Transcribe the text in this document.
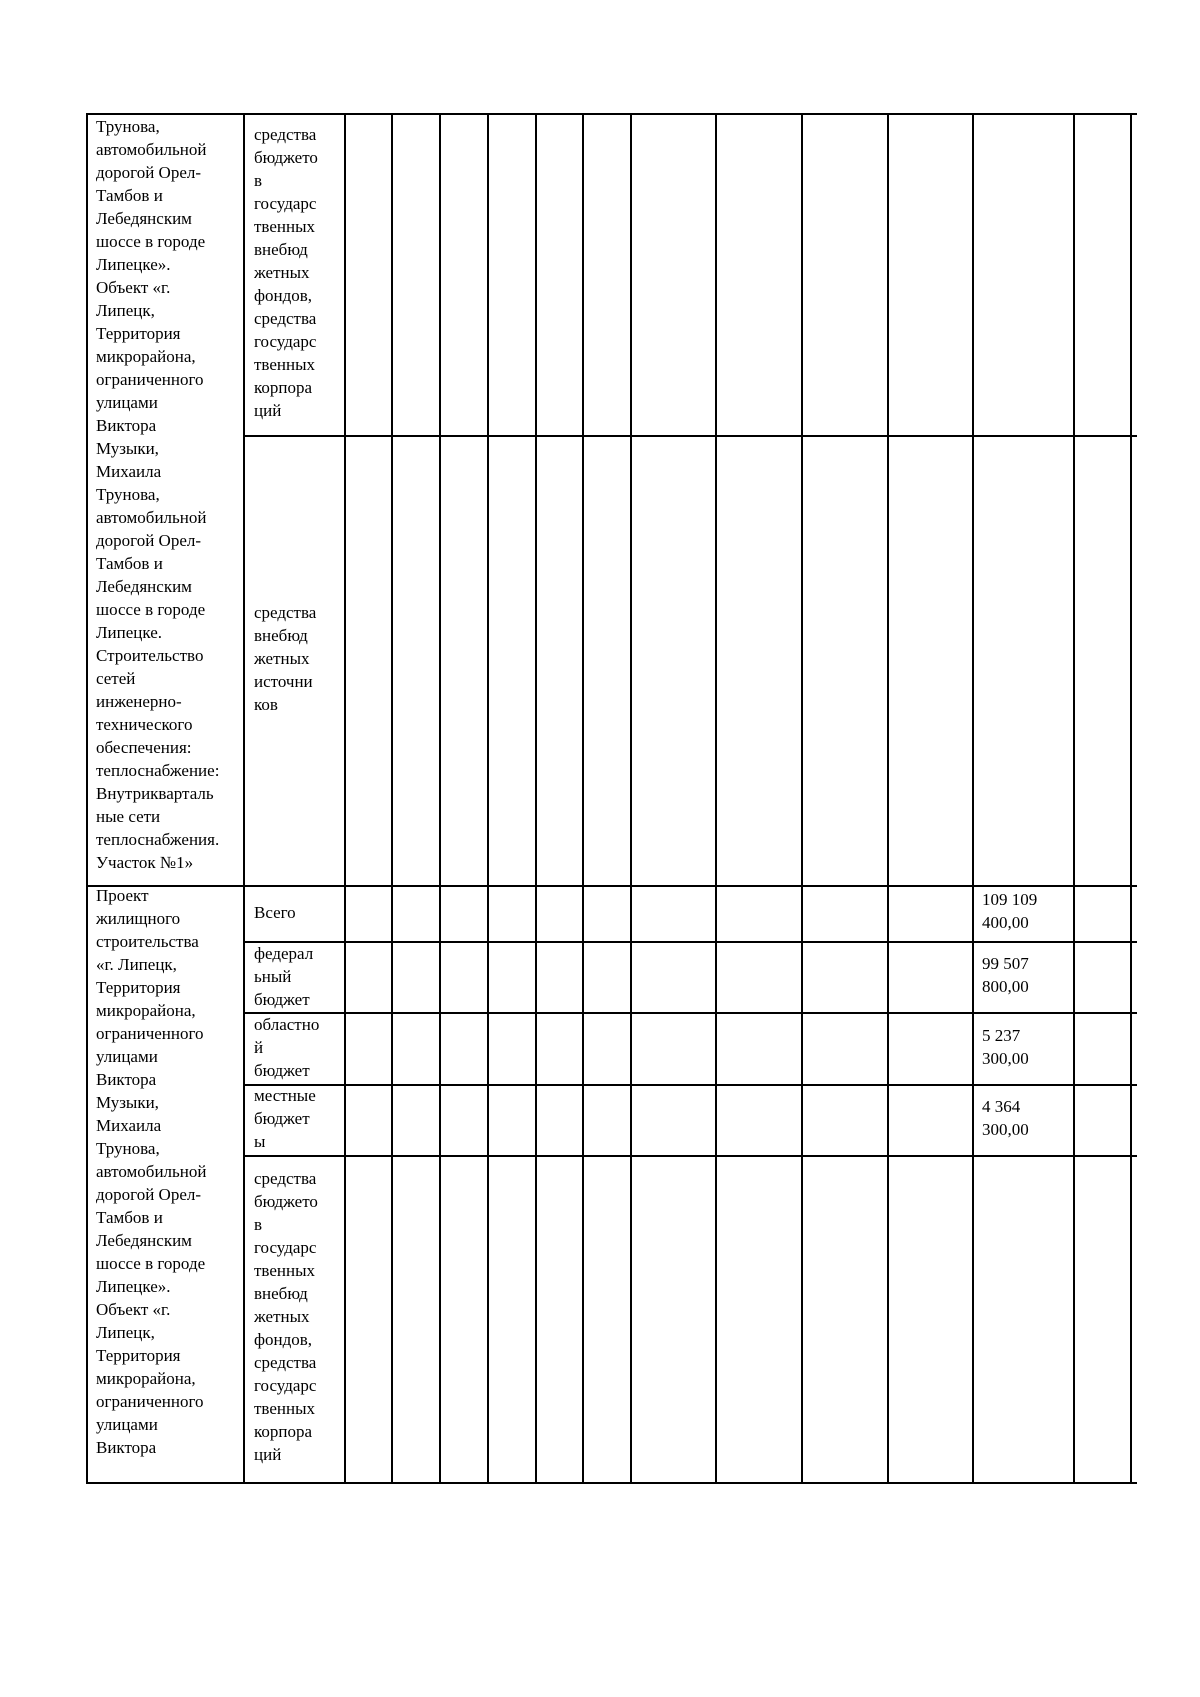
Трунова,
автомобильной
дорогой Орел-
Тамбов и
Лебедянским
шоссе в городе
Липецке».
Объект «г.
Липецк,
Территория
микрорайона,
ограниченного
улицами
Виктора
Музыки,
Михаила
Трунова,
автомобильной
дорогой Орел-
Тамбов и
Лебедянским
шоссе в городе
Липецке.
Строительство
сетей
инженерно-
технического
обеспечения:
теплоснабжение:
Внутрикварталь
ные сети
теплоснабжения.
Участок №1»
средства
бюджето
в
государс
твенных
внебюд
жетных
фондов,
средства
государс
твенных
корпора
ций
средства
внебюд
жетных
источни
ков
Проект
жилищного
строительства
«г. Липецк,
Территория
микрорайона,
ограниченного
улицами
Виктора
Музыки,
Михаила
Трунова,
автомобильной
дорогой Орел-
Тамбов и
Лебедянским
шоссе в городе
Липецке».
Объект «г.
Липецк,
Территория
микрорайона,
ограниченного
улицами
Виктора
Всего
109 109
400,00
федерал
ьный
бюджет
99 507
800,00
областно
й
бюджет
5 237
300,00
местные
бюджет
ы
4 364
300,00
средства
бюджето
в
государс
твенных
внебюд
жетных
фондов,
средства
государс
твенных
корпора
ций
